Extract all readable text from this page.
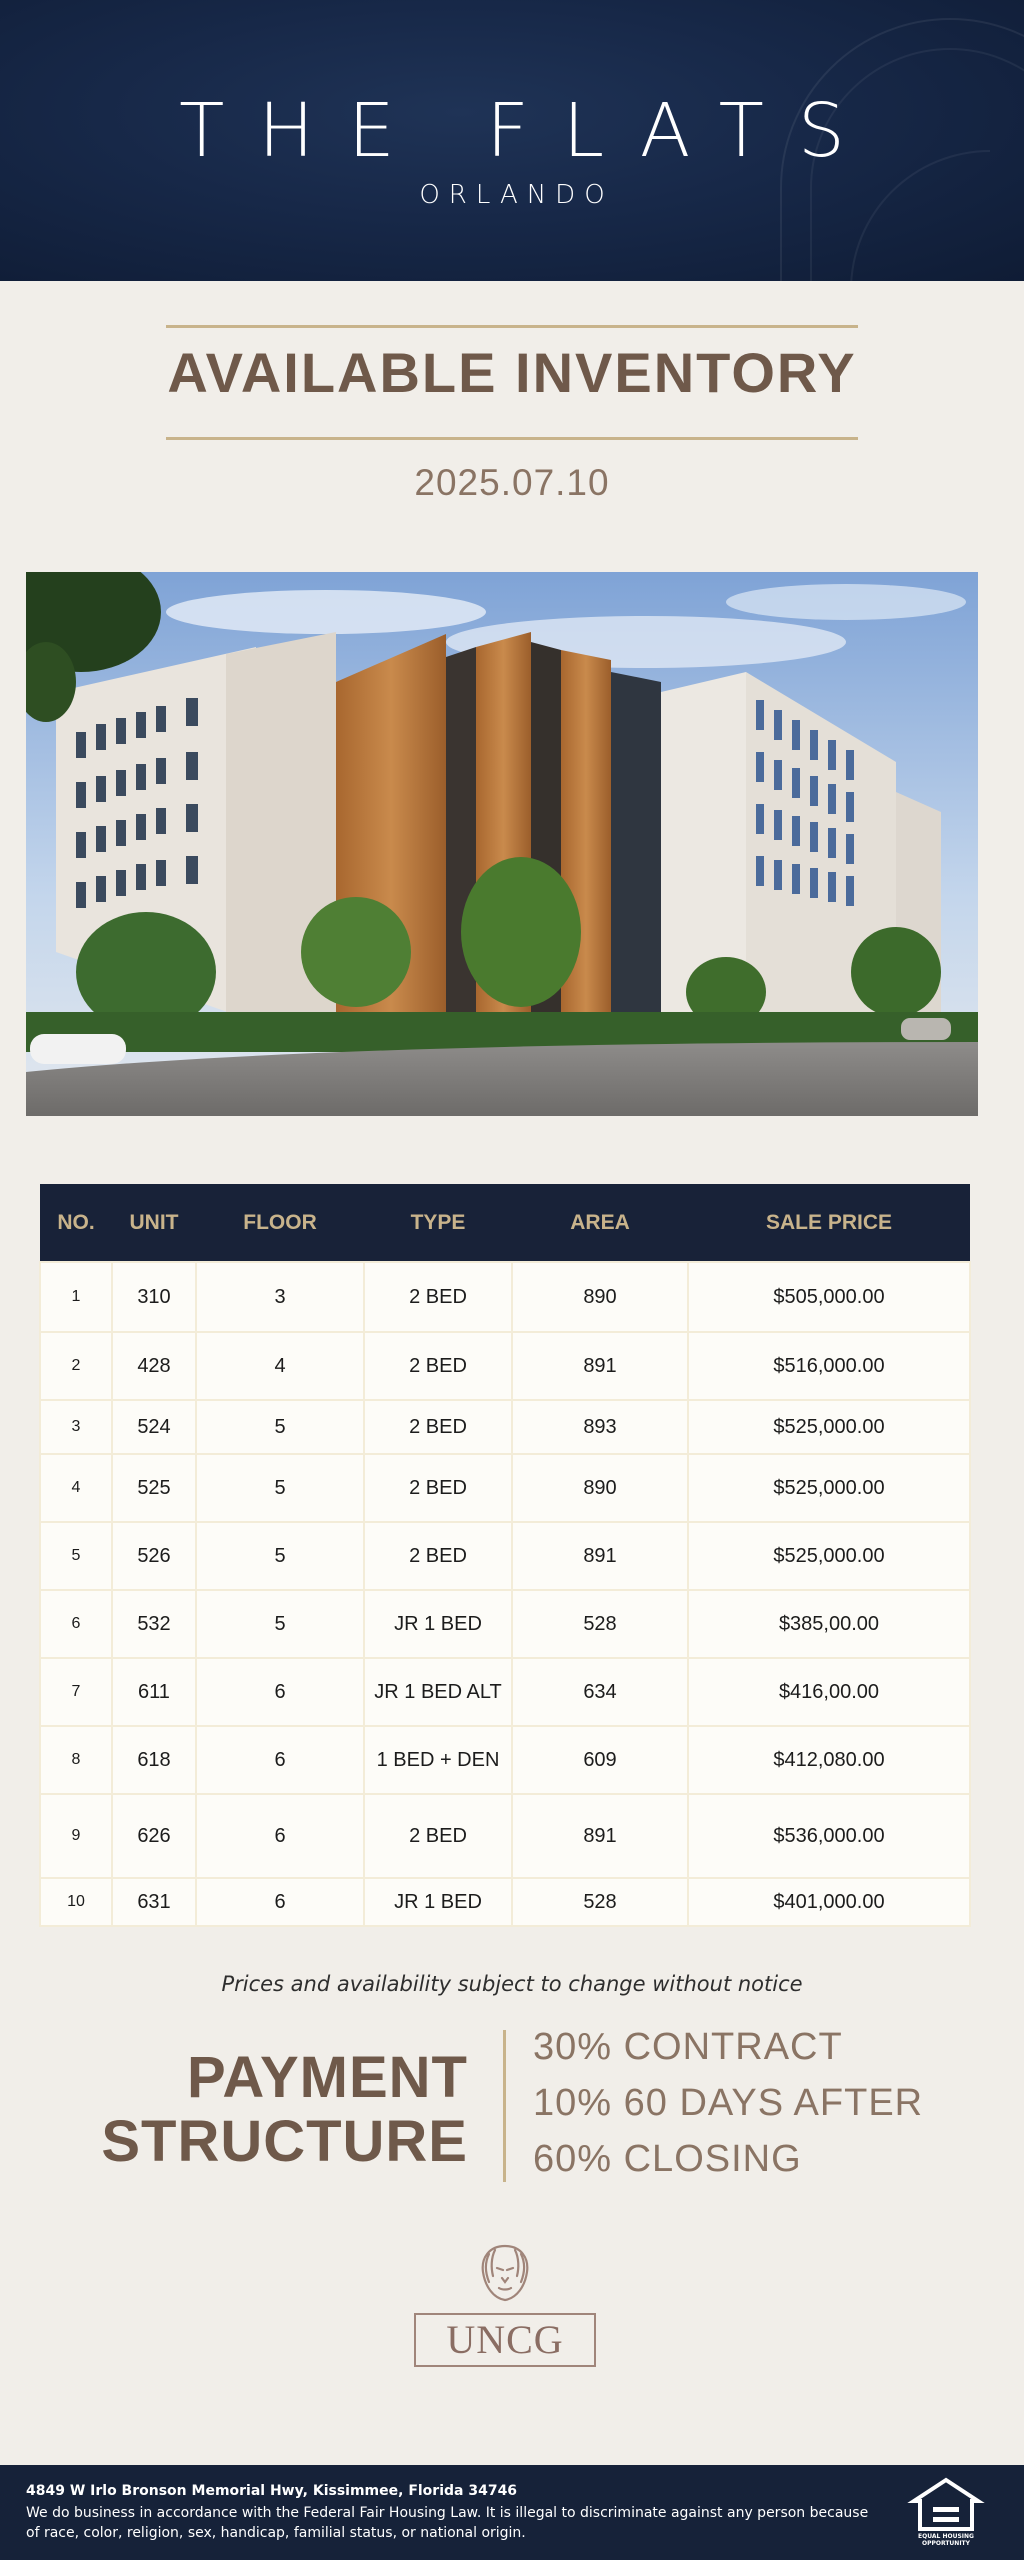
THE FLATS
ORLANDO
AVAILABLE INVENTORY
2025.07.10
NO.	UNIT	FLOOR	TYPE	AREA	SALE PRICE
1	310	3	2 BED	890	$505,000.00
2	428	4	2 BED	891	$516,000.00
3	524	5	2 BED	893	$525,000.00
4	525	5	2 BED	890	$525,000.00
5	526	5	2 BED	891	$525,000.00
6	532	5	JR 1 BED	528	$385,00.00
7	611	6	JR 1 BED ALT	634	$416,00.00
8	618	6	1 BED + DEN	609	$412,080.00
9	626	6	2 BED	891	$536,000.00
10	631	6	JR 1 BED	528	$401,000.00
Prices and availability subject to change without notice
PAYMENT
STRUCTURE
30% CONTRACT
10% 60 DAYS AFTER
60% CLOSING
UNCG
4849 W Irlo Bronson Memorial Hwy, Kissimmee, Florida 34746
We do business in accordance with the Federal Fair Housing Law. It is illegal to discriminate against any person because of race, color, religion, sex, handicap, familial status, or national origin.	EQUAL HOUSING
OPPORTUNITY
